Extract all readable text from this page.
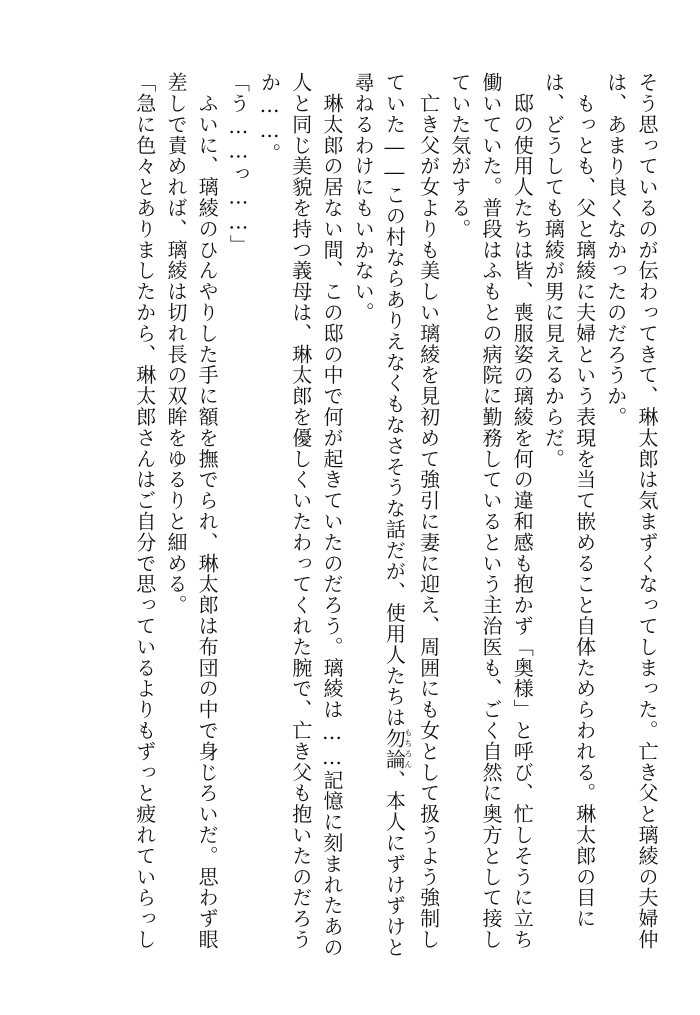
そう思っているのが伝わってきて、琳太郎は気まずくなってしまった。亡き父と璃綾の夫婦仲

は、あまり良くなかったのだろうか。

　もっとも、父と璃綾に夫婦という表現を当て嵌めること自体ためらわれる。琳太郎の目に

は、どうしても璃綾が男に見えるからだ。

　邸の使用人たちは皆、喪服姿の璃綾を何の違和感も抱かず「奥様」と呼び、忙しそうに立ち

働いていた。普段はふもとの病院に勤務しているという主治医も、ごく自然に奥方として接し

ていた気がする。

　亡き父が女よりも美しい璃綾を見初めて強引に妻に迎え、周囲にも女として扱うよう強制し

ていた――この村ならありえなくもなさそうな話だが、使用人たちは勿論もちろん、本人にずけずけと

尋ねるわけにもいかない。

　琳太郎の居ない間、この邸の中で何が起きていたのだろう。璃綾は……記憶に刻まれたあの

人と同じ美貌を持つ義母は、琳太郎を優しくいたわってくれた腕で、亡き父も抱いたのだろう

か……。

「う……っ……」

　ふいに、璃綾のひんやりした手に額を撫でられ、琳太郎は布団の中で身じろいだ。思わず眼

差しで責めれば、璃綾は切れ長の双眸をゆるりと細める。

「急に色々とありましたから、琳太郎さんはご自分で思っているよりもずっと疲れていらっし
